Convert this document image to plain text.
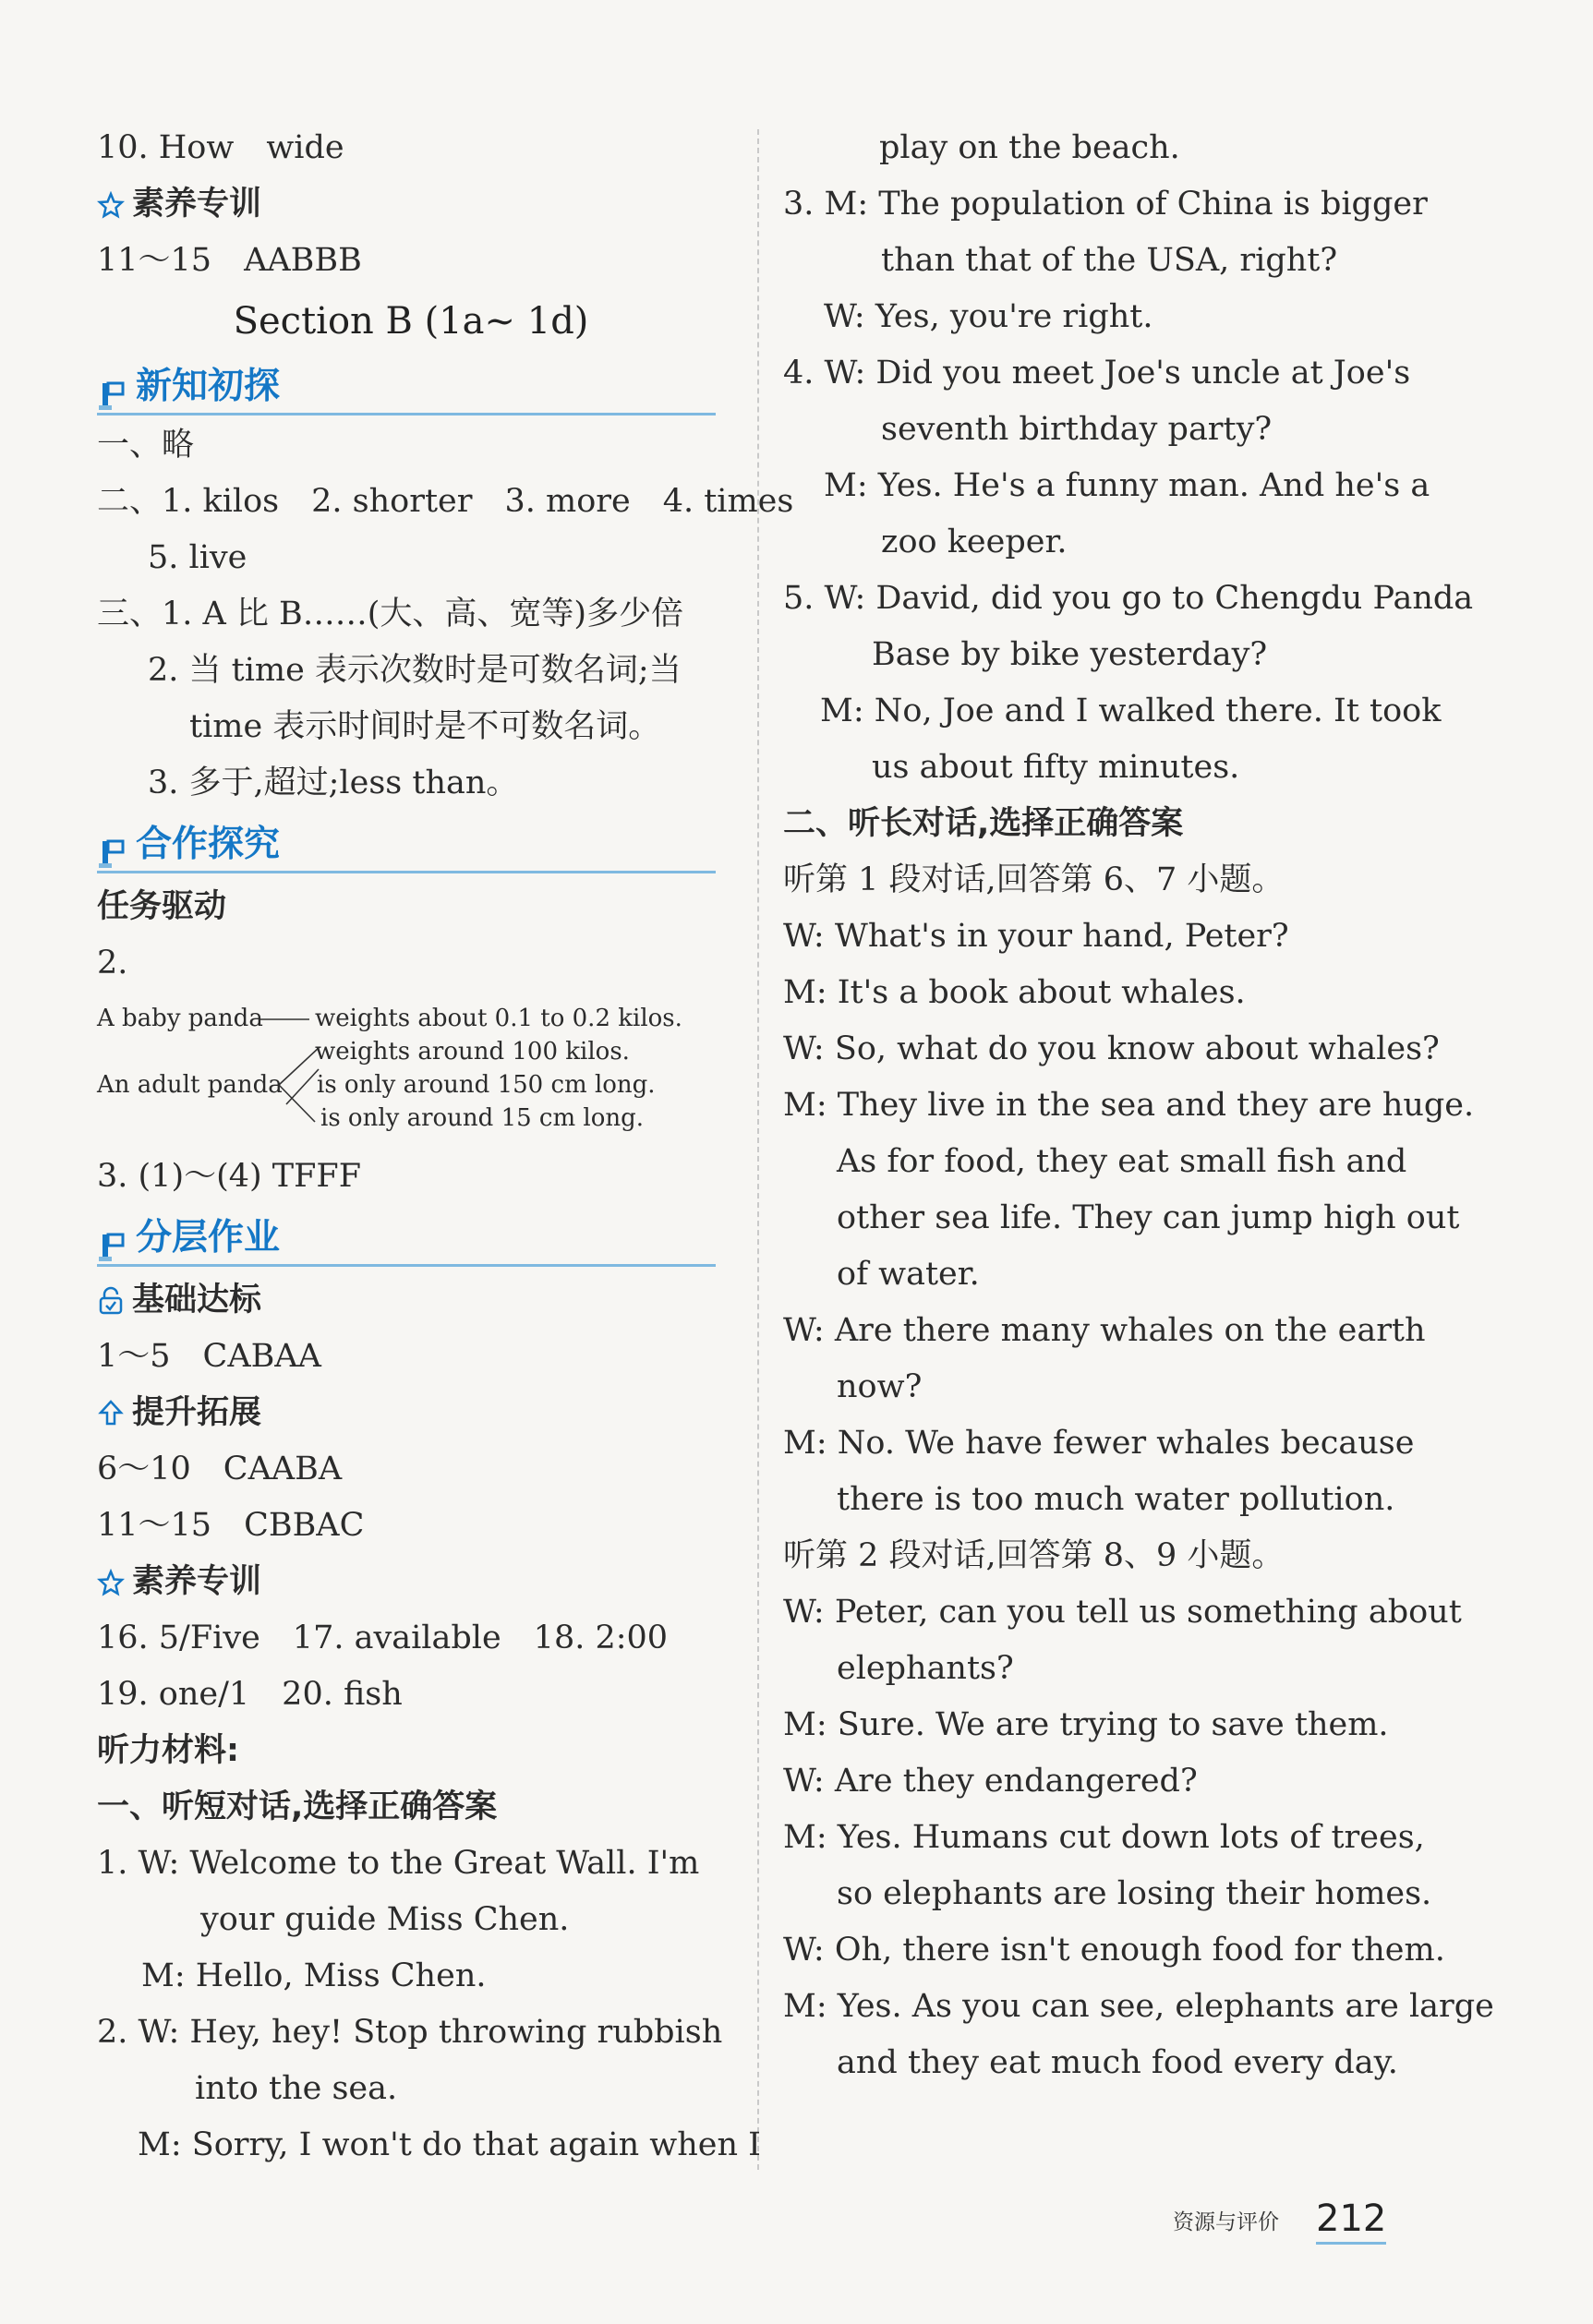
10. How　wide
素养专训
11～15　AABBB
Section B (1a~ 1d)
新知初探
一、略
二、1. kilos　2. shorter　3. more　4. times
5. live
三、1. A 比 B……(大、高、宽等)多少倍
2. 当 time 表示次数时是可数名词;当
time 表示时间时是不可数名词。
3. 多于,超过;less than。
合作探究
任务驱动
2.
A baby panda
An adult panda
weights about 0.1 to 0.2 kilos.
weights around 100 kilos.
is only around 150 cm long.
is only around 15 cm long.
3. (1)～(4) TFFF
分层作业
基础达标
1～5　CABAA
提升拓展
6～10　CAABA
11～15　CBBAC
素养专训
16. 5/Five　17. available　18. 2:00
19. one/1　20. fish
听力材料:
一、听短对话,选择正确答案
1. W: Welcome to the Great Wall. I'm
your guide Miss Chen.
M: Hello, Miss Chen.
2. W: Hey, hey! Stop throwing rubbish
into the sea.
M: Sorry, I won't do that again when I
play on the beach.
3. M: The population of China is bigger
than that of the USA, right?
W: Yes, you're right.
4. W: Did you meet Joe's uncle at Joe's
seventh birthday party?
M: Yes. He's a funny man. And he's a
zoo keeper.
5. W: David, did you go to Chengdu Panda
Base by bike yesterday?
M: No, Joe and I walked there. It took
us about fifty minutes.
二、听长对话,选择正确答案
听第 1 段对话,回答第 6、7 小题。
W: What's in your hand, Peter?
M: It's a book about whales.
W: So, what do you know about whales?
M: They live in the sea and they are huge.
As for food, they eat small fish and
other sea life. They can jump high out
of water.
W: Are there many whales on the earth
now?
M: No. We have fewer whales because
there is too much water pollution.
听第 2 段对话,回答第 8、9 小题。
W: Peter, can you tell us something about
elephants?
M: Sure. We are trying to save them.
W: Are they endangered?
M: Yes. Humans cut down lots of trees,
so elephants are losing their homes.
W: Oh, there isn't enough food for them.
M: Yes. As you can see, elephants are large
and they eat much food every day.
资源与评价 212
